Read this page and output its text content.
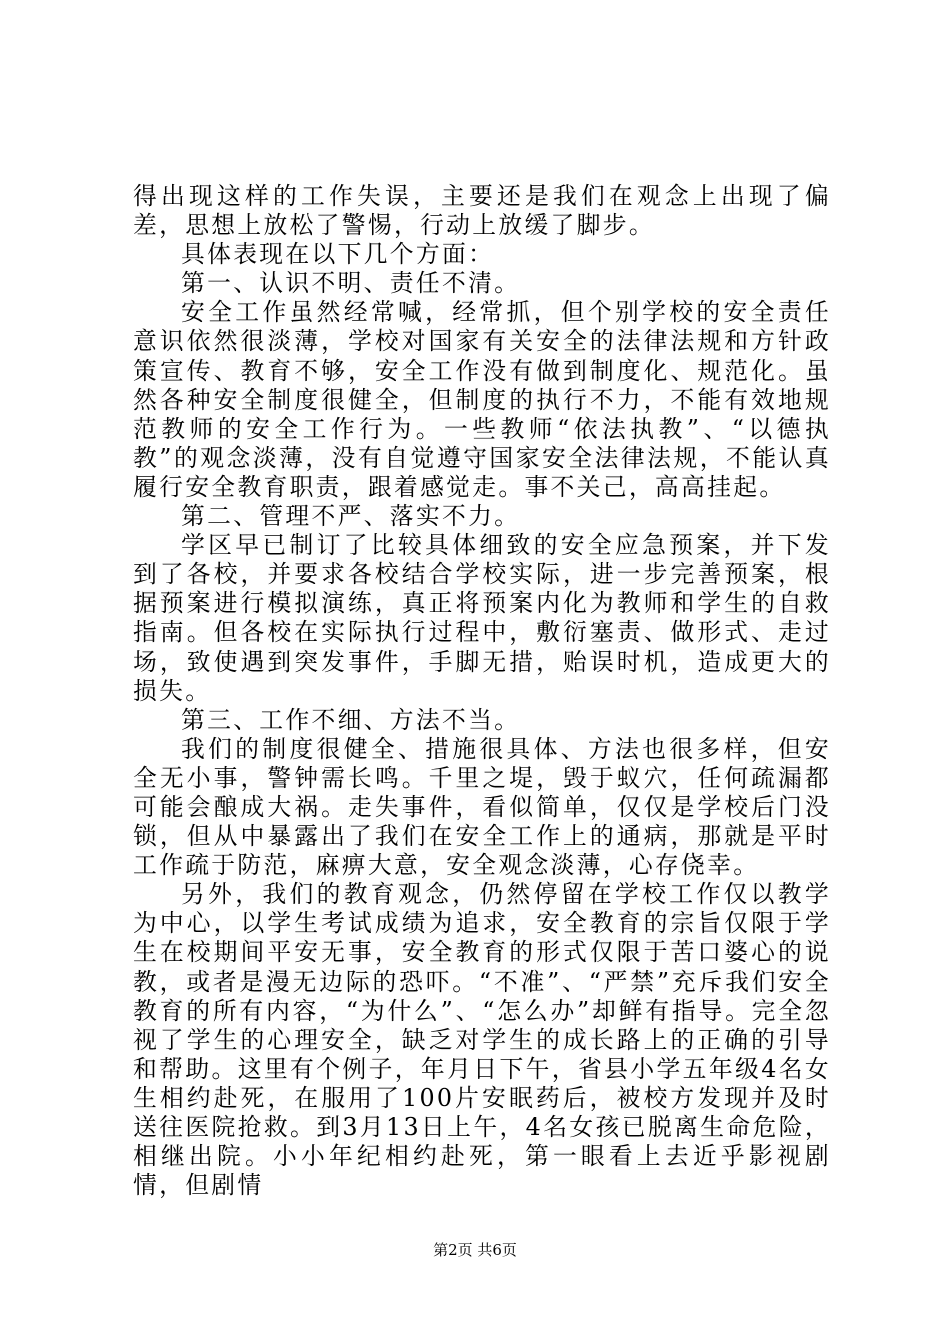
得出现这样的工作失误，主要还是我们在观念上出现了偏差，思想上放松了警惕，行动上放缓了脚步。

具体表现在以下几个方面：

第一、认识不明、责任不清。

安全工作虽然经常喊，经常抓，但个别学校的安全责任意识依然很淡薄，学校对国家有关安全的法律法规和方针政策宣传、教育不够，安全工作没有做到制度化、规范化。虽然各种安全制度很健全，但制度的执行不力，不能有效地规范教师的安全工作行为。一些教师“依法执教”、“以德执教”的观念淡薄，没有自觉遵守国家安全法律法规，不能认真履行安全教育职责，跟着感觉走。事不关己，高高挂起。

第二、管理不严、落实不力。

学区早已制订了比较具体细致的安全应急预案，并下发到了各校，并要求各校结合学校实际，进一步完善预案，根据预案进行模拟演练，真正将预案内化为教师和学生的自救指南。但各校在实际执行过程中，敷衍塞责、做形式、走过场，致使遇到突发事件，手脚无措，贻误时机，造成更大的损失。

第三、工作不细、方法不当。

我们的制度很健全、措施很具体、方法也很多样，但安全无小事，警钟需长鸣。千里之堤，毁于蚁穴，任何疏漏都可能会酿成大祸。走失事件，看似简单，仅仅是学校后门没锁，但从中暴露出了我们在安全工作上的通病，那就是平时工作疏于防范，麻痹大意，安全观念淡薄，心存侥幸。

另外，我们的教育观念，仍然停留在学校工作仅以教学为中心，以学生考试成绩为追求，安全教育的宗旨仅限于学生在校期间平安无事，安全教育的形式仅限于苦口婆心的说教，或者是漫无边际的恐吓。“不准”、“严禁”充斥我们安全教育的所有内容，“为什么”、“怎么办”却鲜有指导。完全忽视了学生的心理安全，缺乏对学生的成长路上的正确的引导和帮助。这里有个例子，年月日下午，省县小学五年级4名女生相约赴死，在服用了100片安眠药后，被校方发现并及时送往医院抢救。到3月13日上午，4名女孩已脱离生命危险，相继出院。小小年纪相约赴死，第一眼看上去近乎影视剧情，但剧情

第2页 共6页
